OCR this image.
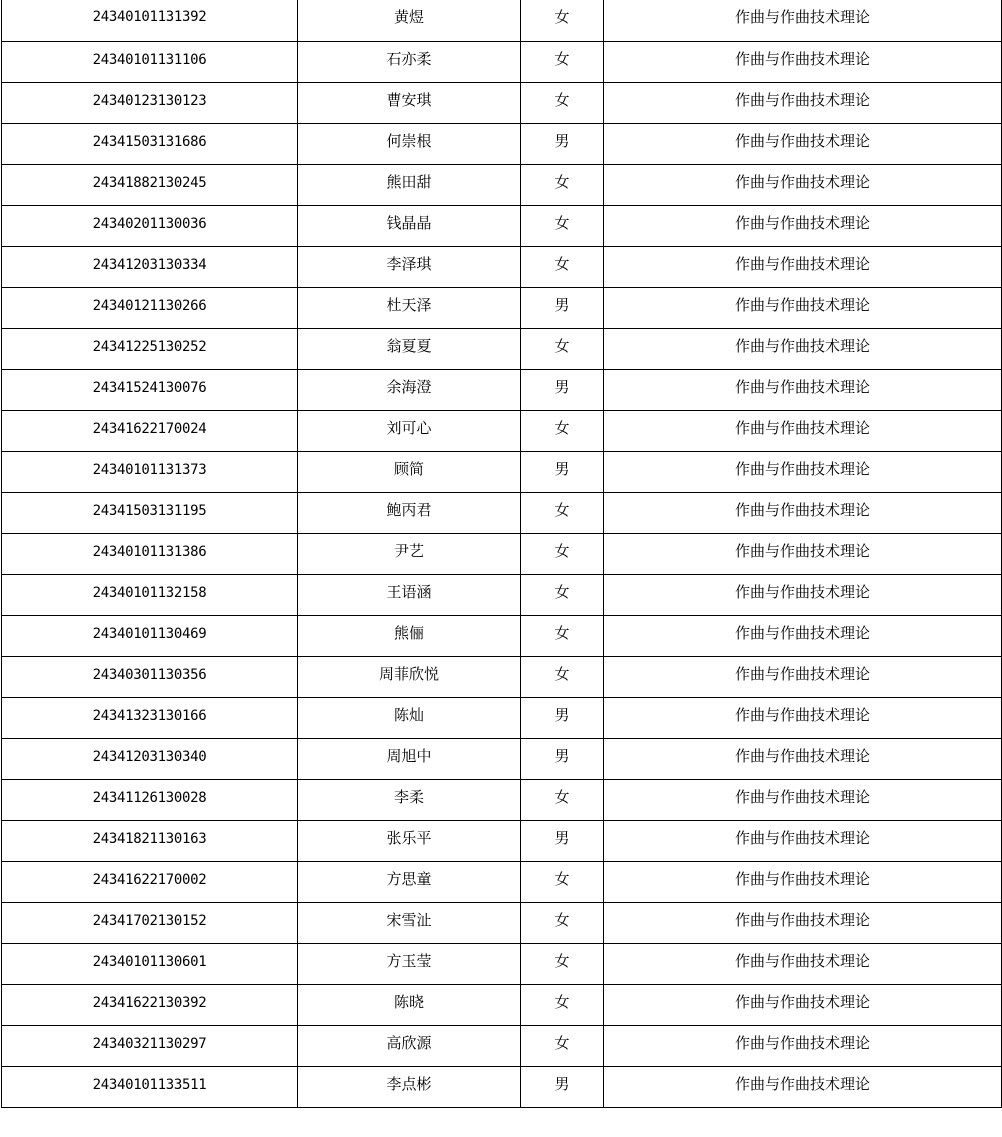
24340101131392	黄煜	女	作曲与作曲技术理论
24340101131106	石亦柔	女	作曲与作曲技术理论
24340123130123	曹安琪	女	作曲与作曲技术理论
24341503131686	何崇根	男	作曲与作曲技术理论
24341882130245	熊田甜	女	作曲与作曲技术理论
24340201130036	钱晶晶	女	作曲与作曲技术理论
24341203130334	李泽琪	女	作曲与作曲技术理论
24340121130266	杜天泽	男	作曲与作曲技术理论
24341225130252	翁夏夏	女	作曲与作曲技术理论
24341524130076	余海澄	男	作曲与作曲技术理论
24341622170024	刘可心	女	作曲与作曲技术理论
24340101131373	顾简	男	作曲与作曲技术理论
24341503131195	鲍丙君	女	作曲与作曲技术理论
24340101131386	尹艺	女	作曲与作曲技术理论
24340101132158	王语涵	女	作曲与作曲技术理论
24340101130469	熊俪	女	作曲与作曲技术理论
24340301130356	周菲欣悦	女	作曲与作曲技术理论
24341323130166	陈灿	男	作曲与作曲技术理论
24341203130340	周旭中	男	作曲与作曲技术理论
24341126130028	李柔	女	作曲与作曲技术理论
24341821130163	张乐平	男	作曲与作曲技术理论
24341622170002	方思童	女	作曲与作曲技术理论
24341702130152	宋雪沚	女	作曲与作曲技术理论
24340101130601	方玉莹	女	作曲与作曲技术理论
24341622130392	陈晓	女	作曲与作曲技术理论
24340321130297	高欣源	女	作曲与作曲技术理论
24340101133511	李点彬	男	作曲与作曲技术理论
